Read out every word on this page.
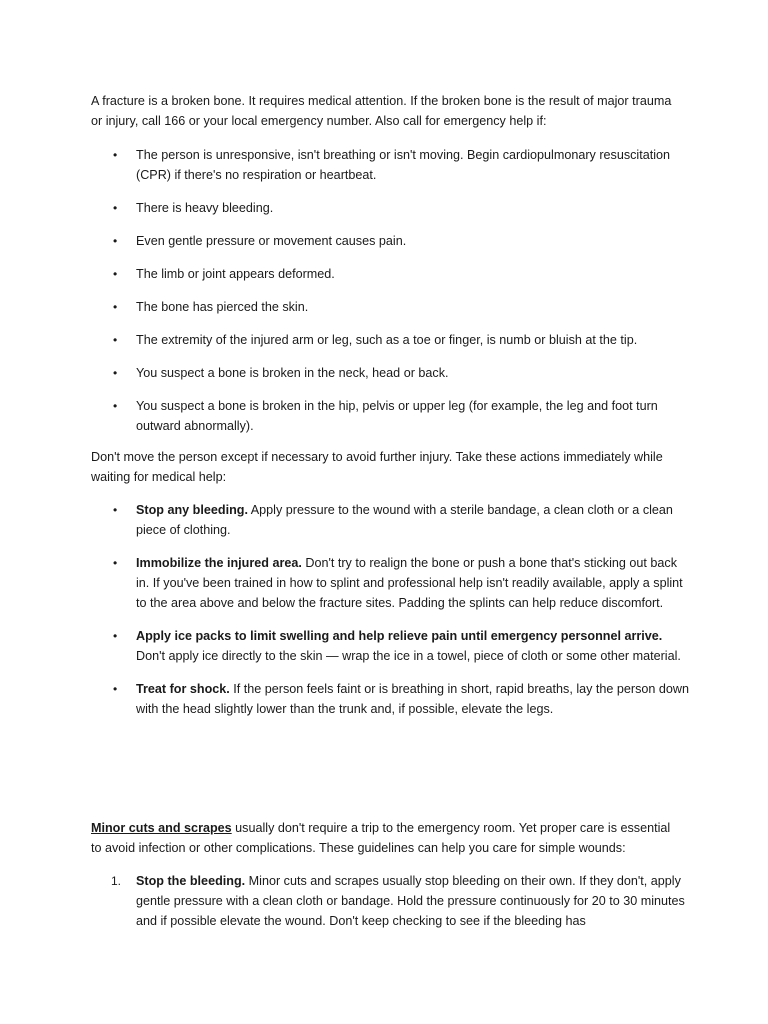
A fracture is a broken bone. It requires medical attention. If the broken bone is the result of major trauma or injury, call 166 or your local emergency number. Also call for emergency help if:

• The person is unresponsive, isn't breathing or isn't moving. Begin cardiopulmonary resuscitation (CPR) if there's no respiration or heartbeat.
• There is heavy bleeding.
• Even gentle pressure or movement causes pain.
• The limb or joint appears deformed.
• The bone has pierced the skin.
• The extremity of the injured arm or leg, such as a toe or finger, is numb or bluish at the tip.
• You suspect a bone is broken in the neck, head or back.
• You suspect a bone is broken in the hip, pelvis or upper leg (for example, the leg and foot turn outward abnormally).

Don't move the person except if necessary to avoid further injury. Take these actions immediately while waiting for medical help:

• Stop any bleeding. Apply pressure to the wound with a sterile bandage, a clean cloth or a clean piece of clothing.
• Immobilize the injured area. Don't try to realign the bone or push a bone that's sticking out back in. If you've been trained in how to splint and professional help isn't readily available, apply a splint to the area above and below the fracture sites. Padding the splints can help reduce discomfort.
• Apply ice packs to limit swelling and help relieve pain until emergency personnel arrive. Don't apply ice directly to the skin — wrap the ice in a towel, piece of cloth or some other material.
• Treat for shock. If the person feels faint or is breathing in short, rapid breaths, lay the person down with the head slightly lower than the trunk and, if possible, elevate the legs.

Minor cuts and scrapes usually don't require a trip to the emergency room. Yet proper care is essential to avoid infection or other complications. These guidelines can help you care for simple wounds:

1. Stop the bleeding. Minor cuts and scrapes usually stop bleeding on their own. If they don't, apply gentle pressure with a clean cloth or bandage. Hold the pressure continuously for 20 to 30 minutes and if possible elevate the wound. Don't keep checking to see if the bleeding has
